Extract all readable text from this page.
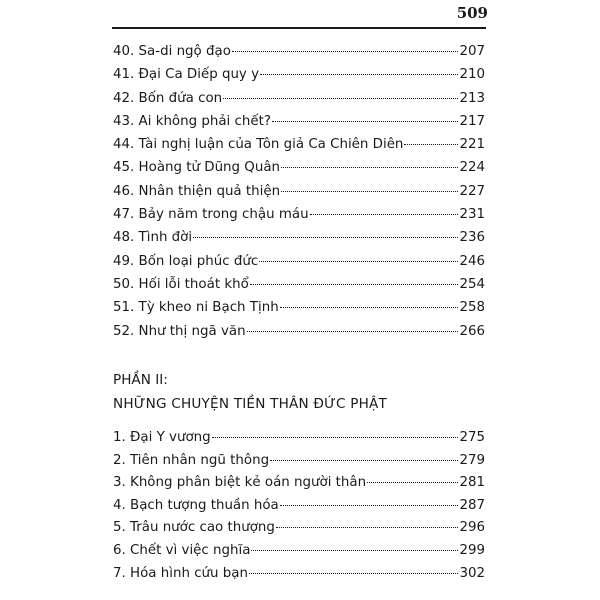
509
40. Sa-di ngộ đạo	207
41. Đại Ca Diếp quy y	210
42. Bốn đứa con	213
43. Ai không phải chết?	217
44. Tài nghị luận của Tôn giả Ca Chiên Diên	221
45. Hoàng tử Dũng Quân	224
46. Nhân thiện quả thiện	227
47. Bảy năm trong chậu máu	231
48. Tình đời	236
49. Bốn loại phúc đức	246
50. Hối lỗi thoát khổ	254
51. Tỳ kheo ni Bạch Tịnh	258
52. Như thị ngã văn	266
PHẦN II:
NHỮNG CHUYỆN TIỀN THÂN ĐỨC PHẬT
1. Đại Y vương	275
2. Tiên nhân ngũ thông	279
3. Không phân biệt kẻ oán người thân	281
4. Bạch tượng thuần hóa	287
5. Trâu nước cao thượng	296
6. Chết vì việc nghĩa	299
7. Hóa hình cứu bạn	302
